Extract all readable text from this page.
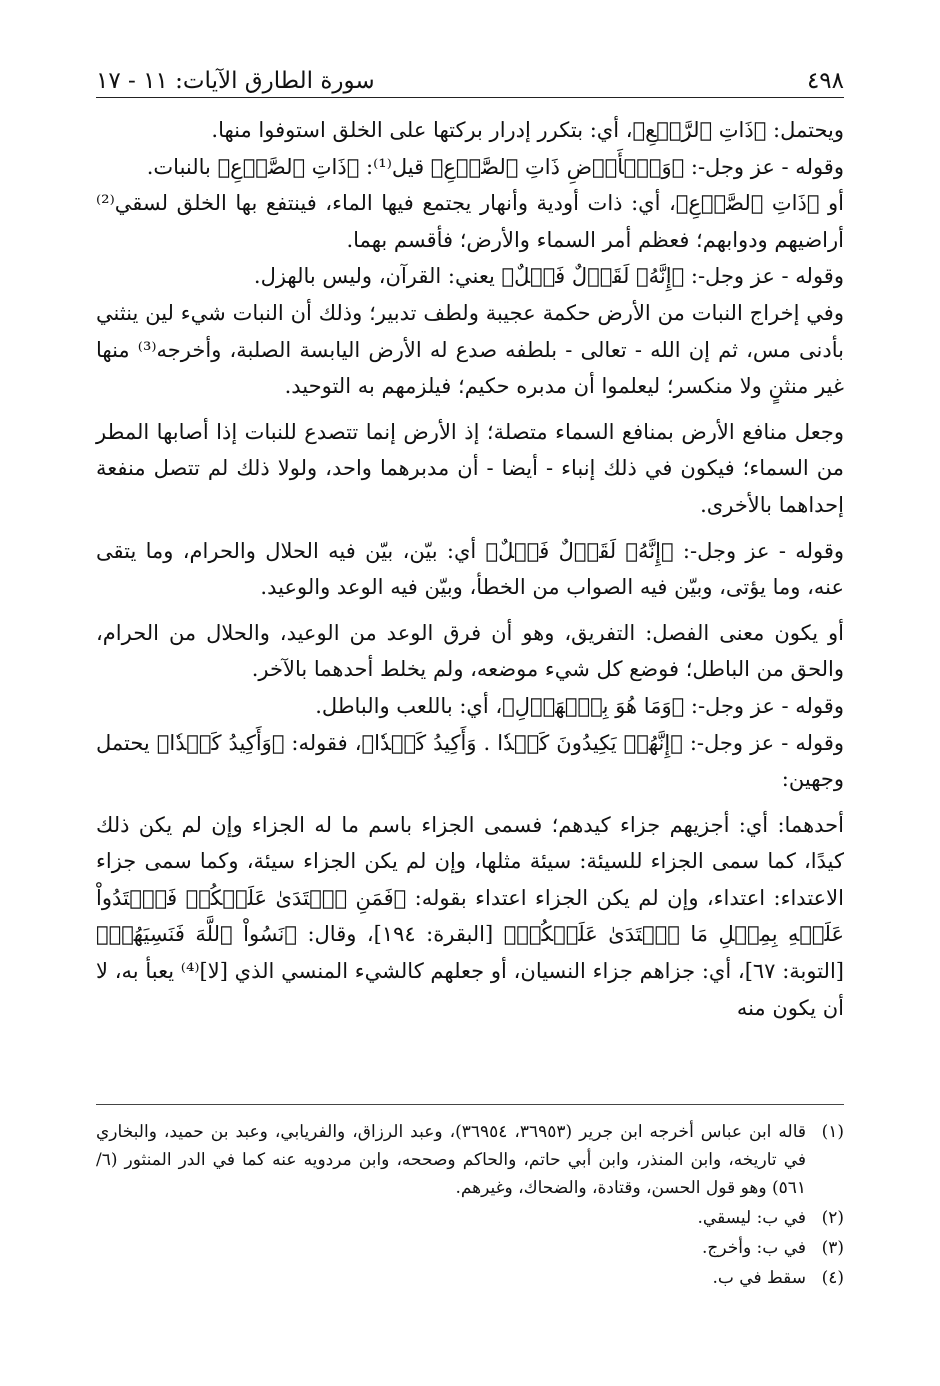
٤٩٨
سورة الطارق الآيات: ١١ - ١٧

ويحتمل: ﴿ذَاتِ ٱلرَّجۡعِ﴾، أي: بتكرر إدرار بركتها على الخلق استوفوا منها.

وقوله - عز وجل-: ﴿وَٱلۡأَرۡضِ ذَاتِ ٱلصَّدۡعِ﴾ قيل⁽¹⁾: ﴿ذَاتِ ٱلصَّدۡعِ﴾ بالنبات.

أو ﴿ذَاتِ ٱلصَّدۡعِ﴾، أي: ذات أودية وأنهار يجتمع فيها الماء، فينتفع بها الخلق لسقي⁽²⁾ أراضيهم ودوابهم؛ فعظم أمر السماء والأرض؛ فأقسم بهما.

وقوله - عز وجل-: ﴿إِنَّهُۥ لَقَوۡلٌ فَصۡلٌ﴾ يعني: القرآن، وليس بالهزل.

وفي إخراج النبات من الأرض حكمة عجيبة ولطف تدبير؛ وذلك أن النبات شيء لين ينثني بأدنى مس، ثم إن الله - تعالى - بلطفه صدع له الأرض اليابسة الصلبة، وأخرجه⁽³⁾ منها غير منثنٍ ولا منكسر؛ ليعلموا أن مدبره حكيم؛ فيلزمهم به التوحيد.

وجعل منافع الأرض بمنافع السماء متصلة؛ إذ الأرض إنما تتصدع للنبات إذا أصابها المطر من السماء؛ فيكون في ذلك إنباء - أيضا - أن مدبرهما واحد، ولولا ذلك لم تتصل منفعة إحداهما بالأخرى.

وقوله - عز وجل-: ﴿إِنَّهُۥ لَقَوۡلٌ فَصۡلٌ﴾ أي: بيّن، بيّن فيه الحلال والحرام، وما يتقى عنه، وما يؤتى، وبيّن فيه الصواب من الخطأ، وبيّن فيه الوعد والوعيد.

أو يكون معنى الفصل: التفريق، وهو أن فرق الوعد من الوعيد، والحلال من الحرام، والحق من الباطل؛ فوضع كل شيء موضعه، ولم يخلط أحدهما بالآخر.

وقوله - عز وجل-: ﴿وَمَا هُوَ بِٱلۡهَزۡلِ﴾، أي: باللعب والباطل.

وقوله - عز وجل-: ﴿إِنَّهُمۡ يَكِيدُونَ كَيۡدٗا . وَأَكِيدُ كَيۡدٗا﴾، فقوله: ﴿وَأَكِيدُ كَيۡدٗا﴾ يحتمل وجهين:

أحدهما: أي: أجزيهم جزاء كيدهم؛ فسمى الجزاء باسم ما له الجزاء وإن لم يكن ذلك كيدًا، كما سمى الجزاء للسيئة: سيئة مثلها، وإن لم يكن الجزاء سيئة، وكما سمى جزاء الاعتداء: اعتداء، وإن لم يكن الجزاء اعتداء بقوله: ﴿فَمَنِ ٱعۡتَدَىٰ عَلَيۡكُمۡ فَٱعۡتَدُواْ عَلَيۡهِ بِمِثۡلِ مَا ٱعۡتَدَىٰ عَلَيۡكُمۡ﴾ [البقرة: ١٩٤]، وقال: ﴿نَسُواْ ٱللَّهَ فَنَسِيَهُمۡ﴾ [التوبة: ٦٧]، أي: جزاهم جزاء النسيان، أو جعلهم كالشيء المنسي الذي [لا]⁽⁴⁾ يعبأ به، لا أن يكون منه

(١)
قاله ابن عباس أخرجه ابن جرير (٣٦٩٥٣، ٣٦٩٥٤)، وعبد الرزاق، والفريابي، وعبد بن حميد، والبخاري في تاريخه، وابن المنذر، وابن أبي حاتم، والحاكم وصححه، وابن مردويه عنه كما في الدر المنثور (٦/ ٥٦١) وهو قول الحسن، وقتادة، والضحاك، وغيرهم.
(٢)
في ب: ليسقي.
(٣)
في ب: وأخرج.
(٤)
سقط في ب.
